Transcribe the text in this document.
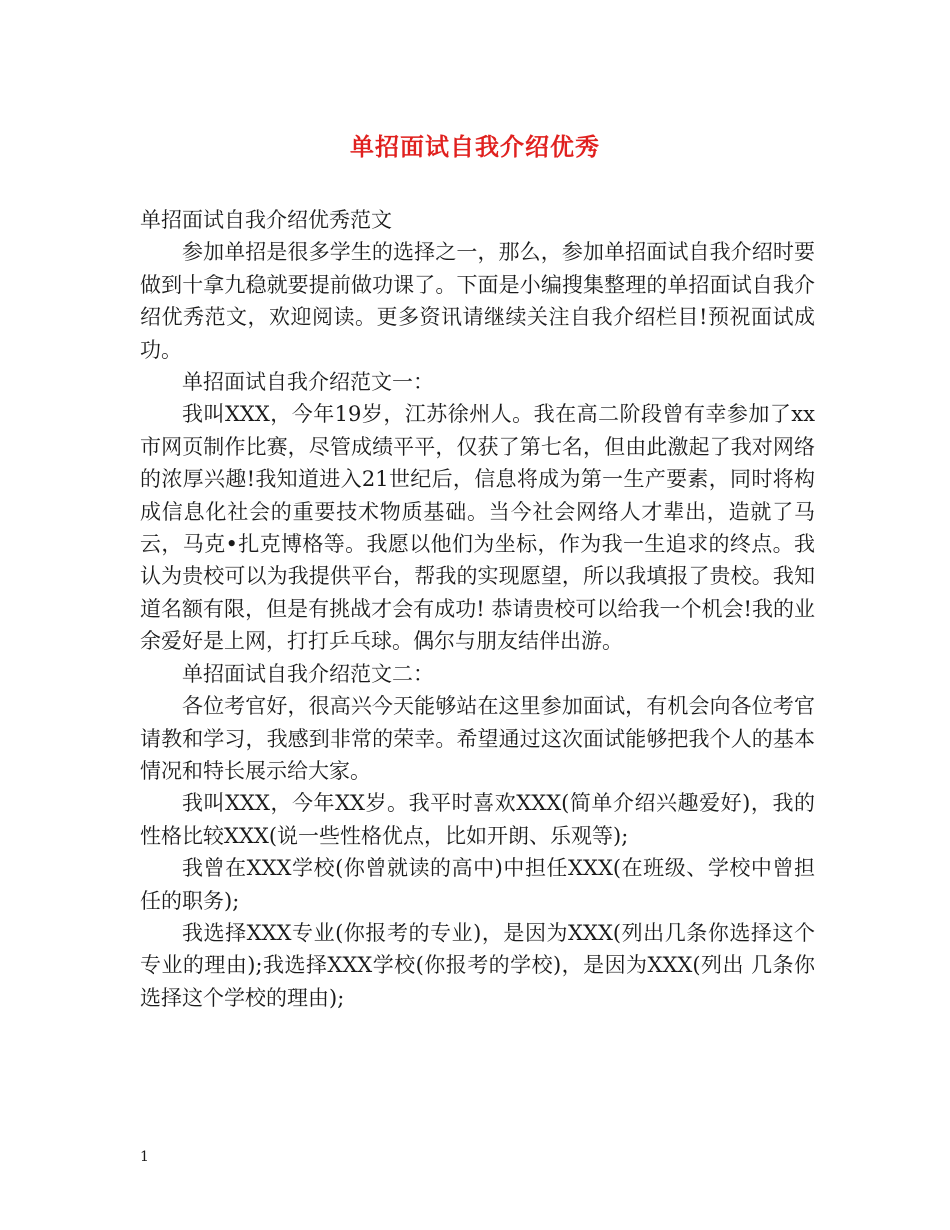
单招面试自我介绍优秀

单招面试自我介绍优秀范文

参加单招是很多学生的选择之一，那么，参加单招面试自我介绍时要做到十拿九稳就要提前做功课了。下面是小编搜集整理的单招面试自我介绍优秀范文，欢迎阅读。更多资讯请继续关注自我介绍栏目!预祝面试成功。

单招面试自我介绍范文一：

我叫XXX，今年19岁，江苏徐州人。我在高二阶段曾有幸参加了xx市网页制作比赛，尽管成绩平平，仅获了第七名，但由此激起了我对网络的浓厚兴趣!我知道进入21世纪后，信息将成为第一生产要素，同时将构成信息化社会的重要技术物质基础。当今社会网络人才辈出，造就了马云，马克•扎克博格等。我愿以他们为坐标，作为我一生追求的终点。我认为贵校可以为我提供平台，帮我的实现愿望，所以我填报了贵校。我知道名额有限，但是有挑战才会有成功! 恭请贵校可以给我一个机会!我的业余爱好是上网，打打乒乓球。偶尔与朋友结伴出游。

单招面试自我介绍范文二：

各位考官好，很高兴今天能够站在这里参加面试，有机会向各位考官请教和学习，我感到非常的荣幸。希望通过这次面试能够把我个人的基本情况和特长展示给大家。

我叫XXX，今年XX岁。我平时喜欢XXX(简单介绍兴趣爱好)，我的性格比较XXX(说一些性格优点，比如开朗、乐观等);

我曾在XXX学校(你曾就读的高中)中担任XXX(在班级、学校中曾担任的职务);

我选择XXX专业(你报考的专业)，是因为XXX(列出几条你选择这个专业的理由);我选择XXX学校(你报考的学校)，是因为XXX(列出 几条你选择这个学校的理由);

1
